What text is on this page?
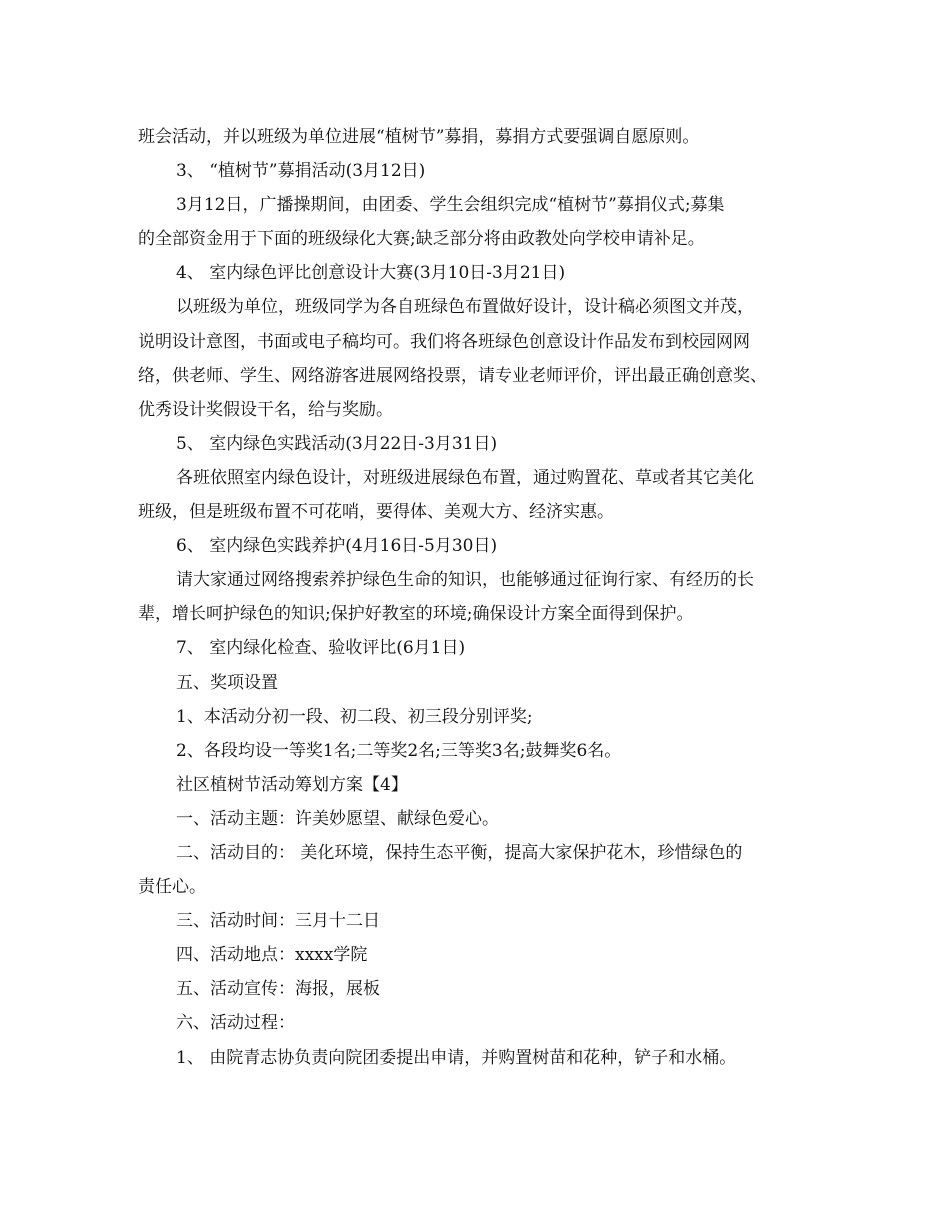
班会活动，并以班级为单位进展“植树节”募捐，募捐方式要强调自愿原则。
3、 “植树节”募捐活动(3月12日)
3月12日，广播操期间，由团委、学生会组织完成“植树节”募捐仪式;募集
的全部资金用于下面的班级绿化大赛;缺乏部分将由政教处向学校申请补足。
4、 室内绿色评比创意设计大赛(3月10日-3月21日)
以班级为单位，班级同学为各自班绿色布置做好设计，设计稿必须图文并茂，
说明设计意图，书面或电子稿均可。我们将各班绿色创意设计作品发布到校园网网
络，供老师、学生、网络游客进展网络投票，请专业老师评价，评出最正确创意奖、
优秀设计奖假设干名，给与奖励。
5、 室内绿色实践活动(3月22日-3月31日)
各班依照室内绿色设计，对班级进展绿色布置，通过购置花、草或者其它美化
班级，但是班级布置不可花哨，要得体、美观大方、经济实惠。
6、 室内绿色实践养护(4月16日-5月30日)
请大家通过网络搜索养护绿色生命的知识，也能够通过征询行家、有经历的长
辈，增长呵护绿色的知识;保护好教室的环境;确保设计方案全面得到保护。
7、 室内绿化检查、验收评比(6月1日)
五、奖项设置
1、本活动分初一段、初二段、初三段分别评奖;
2、各段均设一等奖1名;二等奖2名;三等奖3名;鼓舞奖6名。
社区植树节活动筹划方案【4】
一、活动主题：许美妙愿望、献绿色爱心。
二、活动目的： 美化环境，保持生态平衡，提高大家保护花木，珍惜绿色的
责任心。
三、活动时间：三月十二日
四、活动地点：xxxx学院
五、活动宣传：海报，展板
六、活动过程：
1、 由院青志协负责向院团委提出申请，并购置树苗和花种，铲子和水桶。
